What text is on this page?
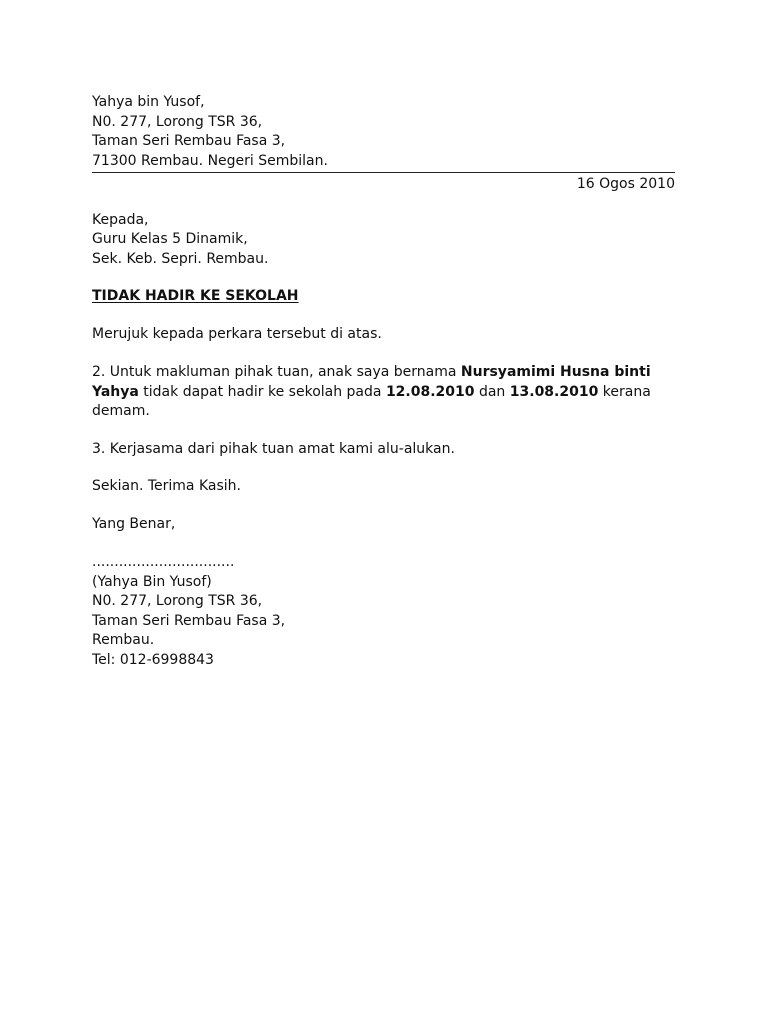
Yahya bin Yusof,
N0. 277, Lorong TSR 36,
Taman Seri Rembau Fasa 3,
71300 Rembau. Negeri Sembilan.
16 Ogos 2010
Kepada,
Guru Kelas 5 Dinamik,
Sek. Keb. Sepri. Rembau.
TIDAK HADIR KE SEKOLAH
Merujuk kepada perkara tersebut di atas.
2. Untuk makluman pihak tuan, anak saya bernama Nursyamimi Husna binti Yahya tidak dapat hadir ke sekolah pada 12.08.2010 dan 13.08.2010 kerana demam.
3. Kerjasama dari pihak tuan amat kami alu-alukan.
Sekian. Terima Kasih.
Yang Benar,
................................
(Yahya Bin Yusof)
N0. 277, Lorong TSR 36,
Taman Seri Rembau Fasa 3,
Rembau.
Tel: 012-6998843
